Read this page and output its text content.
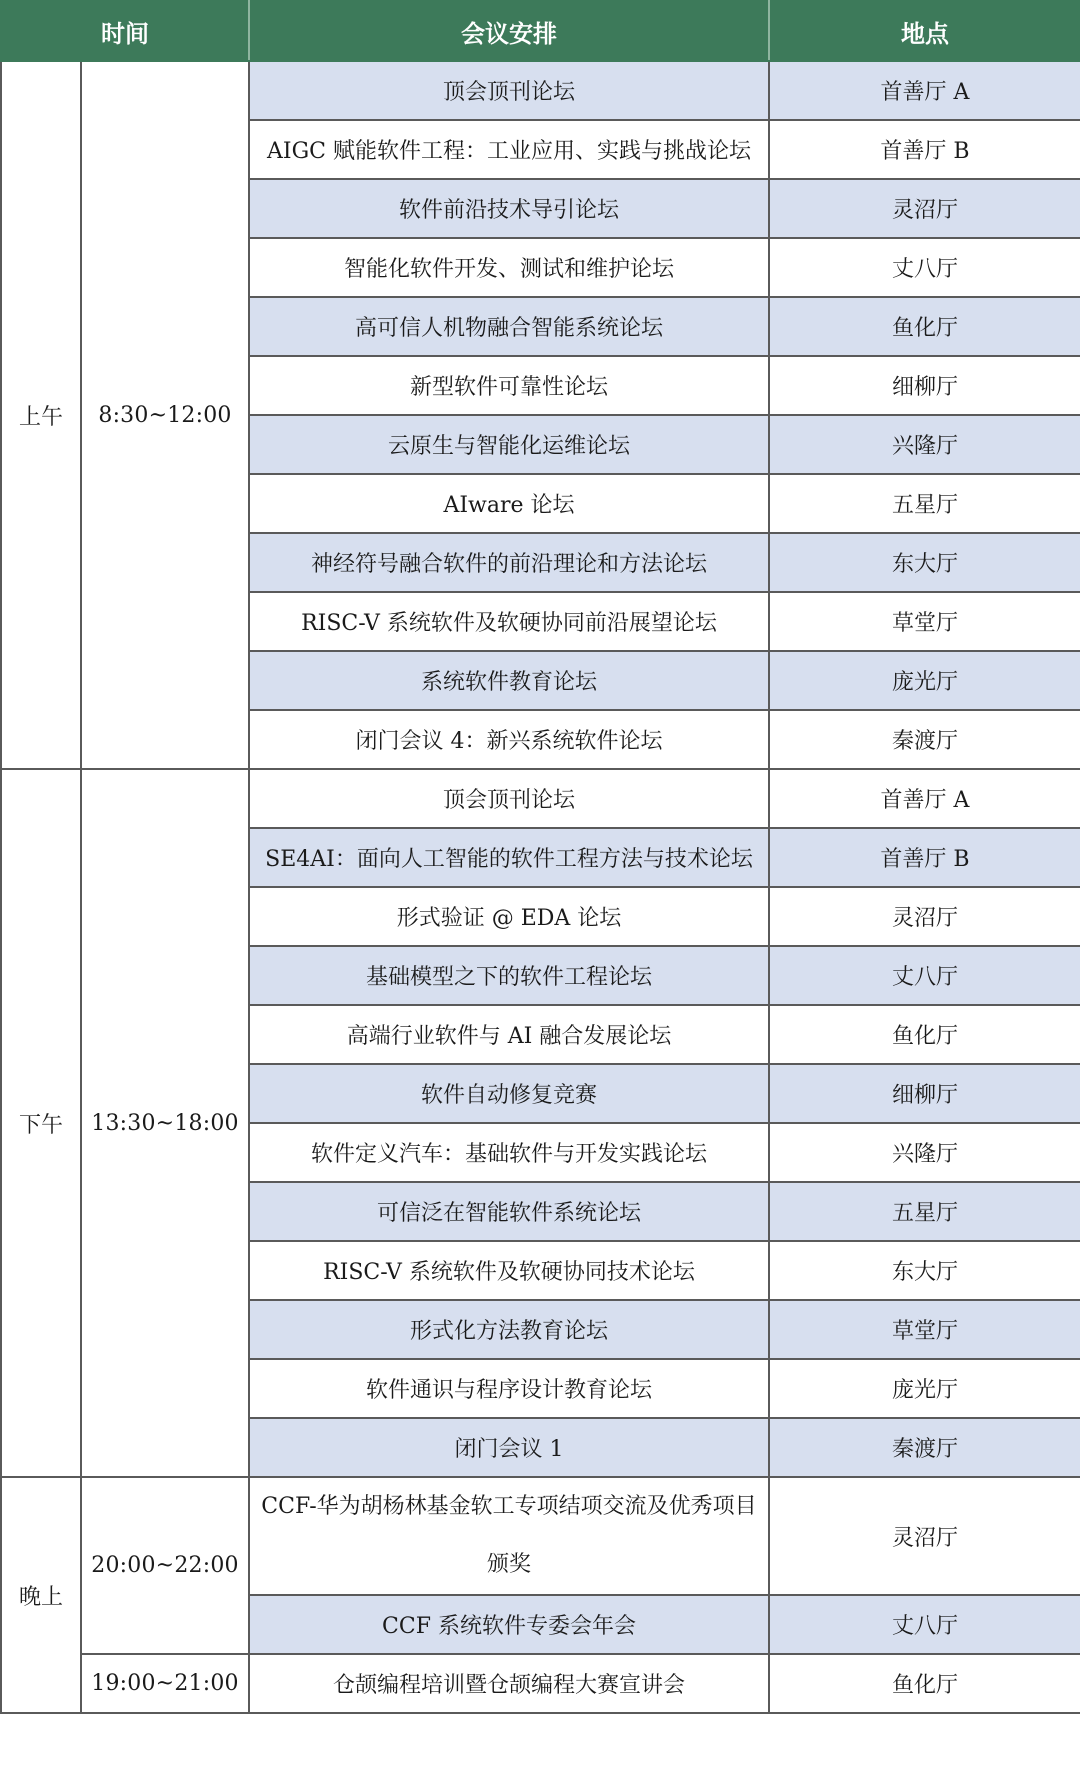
时间		会议安排	地点
上午	8:30~12:00	顶会顶刊论坛	首善厅 A
		AIGC 赋能软件工程：工业应用、实践与挑战论坛	首善厅 B
		软件前沿技术导引论坛	灵沼厅
		智能化软件开发、测试和维护论坛	丈八厅
		高可信人机物融合智能系统论坛	鱼化厅
		新型软件可靠性论坛	细柳厅
		云原生与智能化运维论坛	兴隆厅
		AIware 论坛	五星厅
		神经符号融合软件的前沿理论和方法论坛	东大厅
		RISC-V 系统软件及软硬协同前沿展望论坛	草堂厅
		系统软件教育论坛	庞光厅
		闭门会议 4：新兴系统软件论坛	秦渡厅
下午	13:30~18:00	顶会顶刊论坛	首善厅 A
		SE4AI：面向人工智能的软件工程方法与技术论坛	首善厅 B
		形式验证 @ EDA 论坛	灵沼厅
		基础模型之下的软件工程论坛	丈八厅
		高端行业软件与 AI 融合发展论坛	鱼化厅
		软件自动修复竞赛	细柳厅
		软件定义汽车：基础软件与开发实践论坛	兴隆厅
		可信泛在智能软件系统论坛	五星厅
		RISC-V 系统软件及软硬协同技术论坛	东大厅
		形式化方法教育论坛	草堂厅
		软件通识与程序设计教育论坛	庞光厅
		闭门会议 1	秦渡厅
晚上	20:00~22:00	CCF-华为胡杨林基金软工专项结项交流及优秀项目颁奖	灵沼厅
		CCF 系统软件专委会年会	丈八厅
	19:00~21:00	仓颉编程培训暨仓颉编程大赛宣讲会	鱼化厅
